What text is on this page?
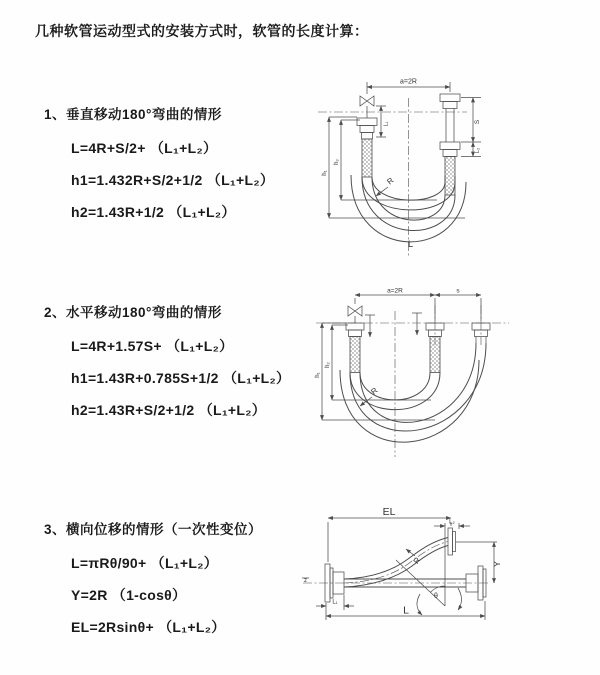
几种软管运动型式的安装方式时，软管的长度计算：
1、垂直移动180°弯曲的情形
L=4R+S/2+ （L₁+L₂）
h1=1.432R+S/2+1/2 （L₁+L₂）
h2=1.43R+1/2 （L₁+L₂）
2、水平移动180°弯曲的情形
L=4R+1.57S+ （L₁+L₂）
h1=1.43R+0.785S+1/2 （L₁+L₂）
h2=1.43R+S/2+1/2 （L₁+L₂）
3、横向位移的情形（一次性变位）
L=πRθ/90+ （L₁+L₂）
Y=2R （1-cosθ）
EL=2Rsinθ+ （L₁+L₂）
a=2R
L₁	S
L₂
h₁
h₂
R
L
a=2R	s
h₁
h₂
R
z
EL
L₂
Y
R
θ
L₁
L
